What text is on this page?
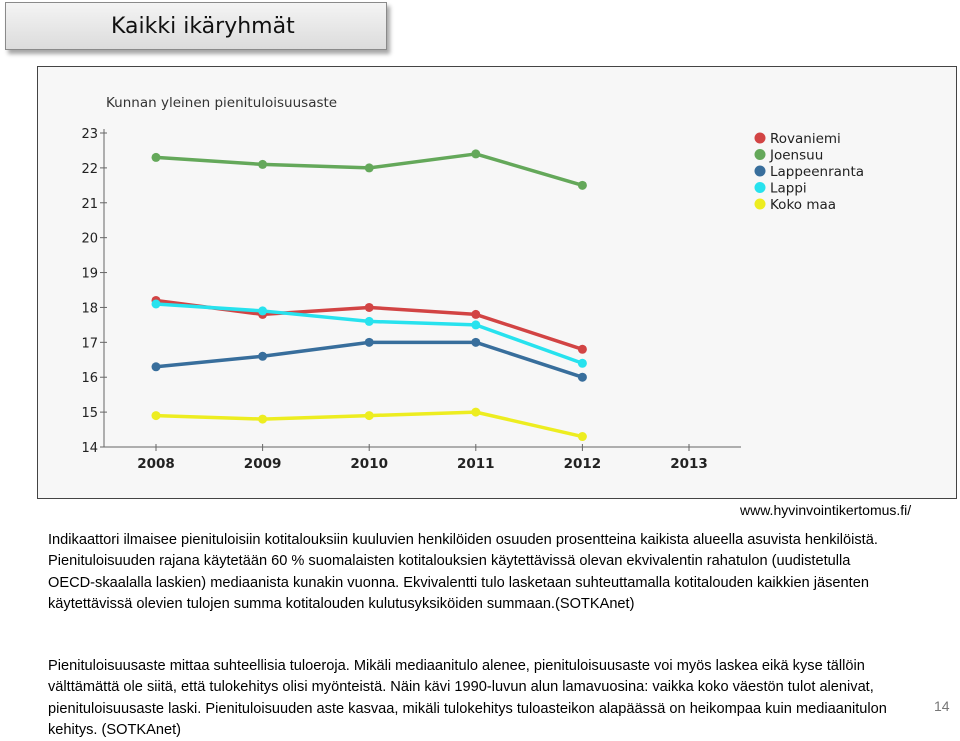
Kaikki ikäryhmät
Kunnan yleinen pienituloisuusaste
14
15
16
17
18
19
20
21
22
23
2008	2009	2010	2011	2012	2013
Rovaniemi
Joensuu
Lappeenranta
Lappi
Koko maa
www.hyvinvointikertomus.fi/

Indikaattori ilmaisee pienituloisiin kotitalouksiin kuuluvien henkilöiden osuuden prosentteina kaikista alueella asuvista henkilöistä. Pienituloisuuden rajana käytetään 60 % suomalaisten kotitalouksien käytettävissä olevan ekvivalentin rahatulon (uudistetulla OECD-skaalalla laskien) mediaanista kunakin vuonna. Ekvivalentti tulo lasketaan suhteuttamalla kotitalouden kaikkien jäsenten käytettävissä olevien tulojen summa kotitalouden kulutusyksiköiden summaan.(SOTKAnet)

Pienituloisuusaste mittaa suhteellisia tuloeroja. Mikäli mediaanitulo alenee, pienituloisuusaste voi myös laskea eikä kyse tällöin välttämättä ole siitä, että tulokehitys olisi myönteistä. Näin kävi 1990-luvun alun lamavuosina: vaikka koko väestön tulot alenivat, pienituloisuusaste laski. Pienituloisuuden aste kasvaa, mikäli tulokehitys tuloasteikon alapäässä on heikompaa kuin mediaanitulon kehitys. (SOTKAnet)

14
